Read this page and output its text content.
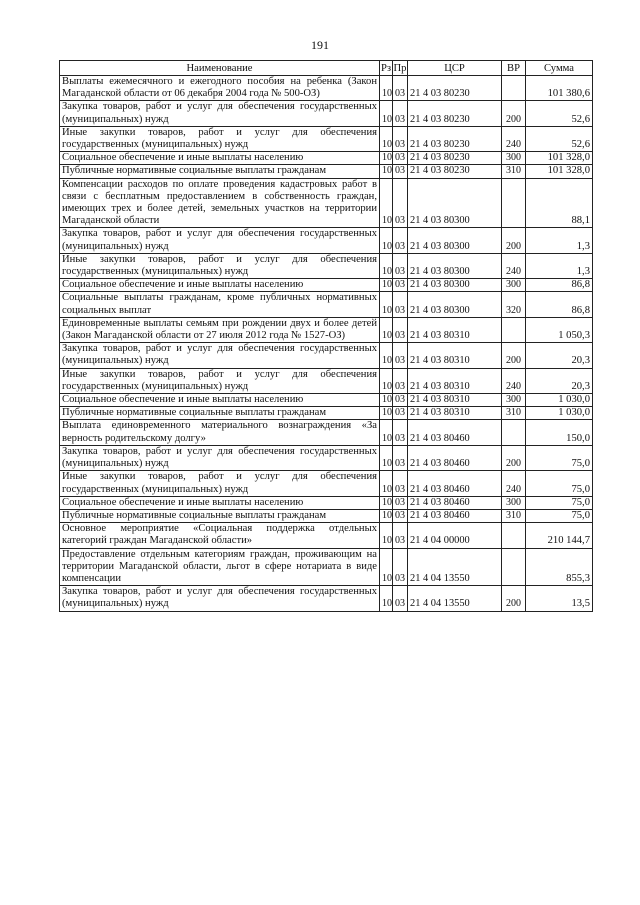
191
Наименование	Рз	Пр	ЦСР	ВР	Сумма
Выплаты ежемесячного и ежегодного пособия на ребенка (Закон Магаданской области от 06 декабря 2004 года № 500-ОЗ)	10	03	21 4 03 80230		101 380,6
Закупка товаров, работ и услуг для обеспечения государственных (муниципальных) нужд	10	03	21 4 03 80230	200	52,6
Иные закупки товаров, работ и услуг для обеспечения государственных (муниципальных) нужд	10	03	21 4 03 80230	240	52,6
Социальное обеспечение и иные выплаты населению	10	03	21 4 03 80230	300	101 328,0
Публичные нормативные социальные выплаты гражданам	10	03	21 4 03 80230	310	101 328,0
Компенсации расходов по оплате проведения кадастровых работ в связи с бесплатным предоставлением в собственность граждан, имеющих трех и более детей, земельных участков на территории Магаданской области	10	03	21 4 03 80300		88,1
Закупка товаров, работ и услуг для обеспечения государственных (муниципальных) нужд	10	03	21 4 03 80300	200	1,3
Иные закупки товаров, работ и услуг для обеспечения государственных (муниципальных) нужд	10	03	21 4 03 80300	240	1,3
Социальное обеспечение и иные выплаты населению	10	03	21 4 03 80300	300	86,8
Социальные выплаты гражданам, кроме публичных нормативных социальных выплат	10	03	21 4 03 80300	320	86,8
Единовременные выплаты семьям при рождении двух и более детей (Закон Магаданской области от 27 июля 2012 года № 1527-ОЗ)	10	03	21 4 03 80310		1 050,3
Закупка товаров, работ и услуг для обеспечения государственных (муниципальных) нужд	10	03	21 4 03 80310	200	20,3
Иные закупки товаров, работ и услуг для обеспечения государственных (муниципальных) нужд	10	03	21 4 03 80310	240	20,3
Социальное обеспечение и иные выплаты населению	10	03	21 4 03 80310	300	1 030,0
Публичные нормативные социальные выплаты гражданам	10	03	21 4 03 80310	310	1 030,0
Выплата единовременного материального вознаграждения «За верность родительскому долгу»	10	03	21 4 03 80460		150,0
Закупка товаров, работ и услуг для обеспечения государственных (муниципальных) нужд	10	03	21 4 03 80460	200	75,0
Иные закупки товаров, работ и услуг для обеспечения государственных (муниципальных) нужд	10	03	21 4 03 80460	240	75,0
Социальное обеспечение и иные выплаты населению	10	03	21 4 03 80460	300	75,0
Публичные нормативные социальные выплаты гражданам	10	03	21 4 03 80460	310	75,0
Основное мероприятие «Социальная поддержка отдельных категорий граждан Магаданской области»	10	03	21 4 04 00000		210 144,7
Предоставление отдельным категориям граждан, проживающим на территории Магаданской области, льгот в сфере нотариата в виде компенсации	10	03	21 4 04 13550		855,3
Закупка товаров, работ и услуг для обеспечения государственных (муниципальных) нужд	10	03	21 4 04 13550	200	13,5
